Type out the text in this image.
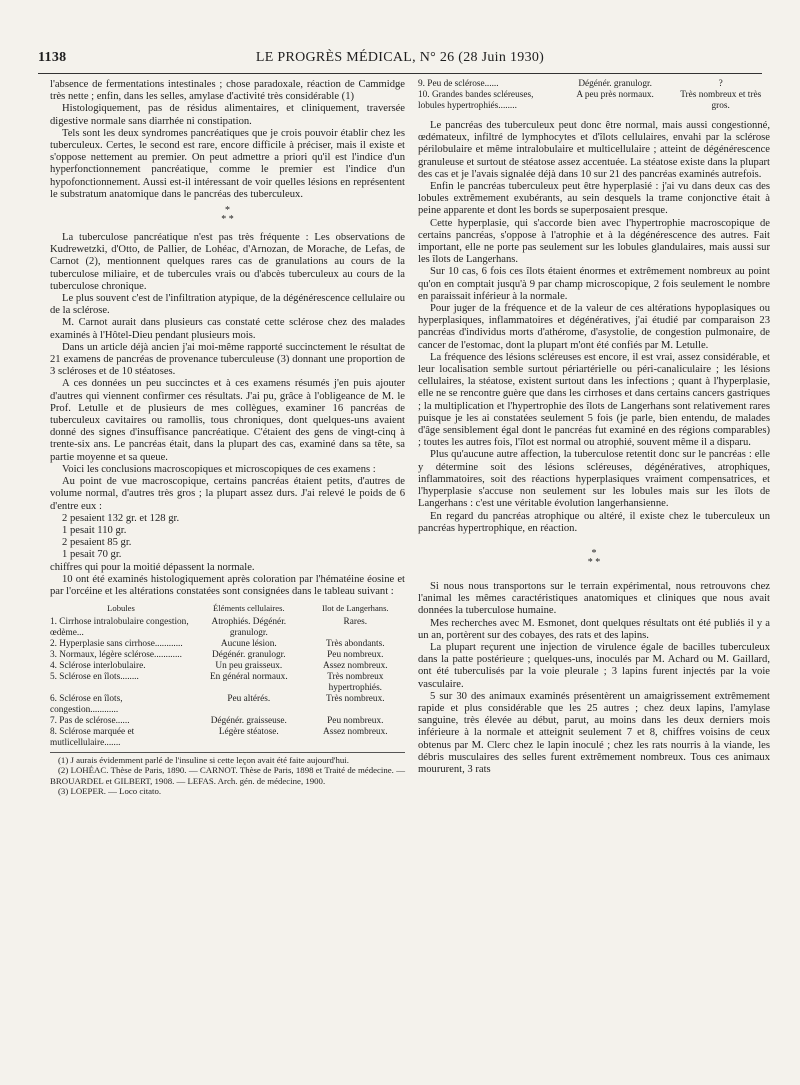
1138	LE PROGRÈS MÉDICAL, N° 26 (28 Juin 1930)

l'absence de fermentations intestinales ; chose paradoxale, réaction de Cammidge très nette ; enfin, dans les selles, amylase d'activité très considérable (1)

Histologiquement, pas de résidus alimentaires, et cliniquement, traversée digestive normale sans diarrhée ni constipation.

Tels sont les deux syndromes pancréatiques que je crois pouvoir établir chez les tuberculeux. Certes, le second est rare, encore difficile à préciser, mais il existe et s'oppose nettement au premier. On peut admettre a priori qu'il est l'indice d'un hyperfonctionnement pancréatique, comme le premier est l'indice d'un hypofonctionnement. Aussi est-il intéressant de voir quelles lésions en représentent le substratum anatomique dans le pancréas des tuberculeux.

*
* *

La tuberculose pancréatique n'est pas très fréquente : Les observations de Kudrewetzki, d'Otto, de Pallier, de Lohéac, d'Arnozan, de Morache, de Lefas, de Carnot (2), mentionnent quelques rares cas de granulations au cours de la tuberculose miliaire, et de tubercules vrais ou d'abcès tuberculeux au cours de la tuberculose chronique.

Le plus souvent c'est de l'infiltration atypique, de la dégénérescence cellulaire ou de la sclérose.

M. Carnot aurait dans plusieurs cas constaté cette sclérose chez des malades examinés à l'Hôtel-Dieu pendant plusieurs mois.

Dans un article déjà ancien j'ai moi-même rapporté succinctement le résultat de 21 examens de pancréas de provenance tuberculeuse (3) donnant une proportion de 3 scléroses et de 10 stéatoses.

A ces données un peu succinctes et à ces examens résumés j'en puis ajouter d'autres qui viennent confirmer ces résultats. J'ai pu, grâce à l'obligeance de M. le Prof. Letulle et de plusieurs de mes collègues, examiner 16 pancréas de tuberculeux cavitaires ou ramollis, tous chroniques, dont quelques-uns avaient donné des signes d'insuffisance pancréatique. C'étaient des gens de vingt-cinq à trente-six ans. Le pancréas était, dans la plupart des cas, examiné dans sa tête, sa partie moyenne et sa queue.

Voici les conclusions macroscopiques et microscopiques de ces examens :

Au point de vue macroscopique, certains pancréas étaient petits, d'autres de volume normal, d'autres très gros ; la plupart assez durs. J'ai relevé le poids de 6 d'entre eux :

2 pesaient 132 gr. et 128 gr.

1 pesait 110 gr.

2 pesaient 85 gr.

1 pesait 70 gr.

chiffres qui pour la moitié dépassent la normale.

10 ont été examinés histologiquement après coloration par l'hématéine éosine et par l'orcéine et les altérations constatées sont consignées dans le tableau suivant :

Lobules	Éléments cellulaires.	Ilot de Langerhans.
1. Cirrhose intralobulaire congestion, œdème...	Atrophiés. Dégénér. granulogr.	Rares.
2. Hyperplasie sans cirrhose............	Aucune lésion.	Très abondants.
3. Normaux, légère sclérose............	Dégénér. granulogr.	Peu nombreux.
4. Sclérose interlobulaire.	Un peu graisseux.	Assez nombreux.
5. Sclérose en îlots........	En général normaux.	Très nombreux hypertrophiés.
6. Sclérose en îlots, congestion............	Peu altérés.	Très nombreux.
7. Pas de sclérose......	Dégénér. graisseuse.	Peu nombreux.
8. Sclérose marquée et mutlicellulaire.......	Légère stéatose.	Assez nombreux.
(1) J aurais évidemment parlé de l'insuline si cette leçon avait été faite aujourd'hui.
(2) LOHÉAC. Thèse de Paris, 1890. — CARNOT. Thèse de Paris, 1898 et Traité de médecine. — BROUARDEL et GILBERT, 1908. — LEFAS. Arch. gén. de médecine, 1900.
(3) LOEPER. — Loco citato.
9. Peu de sclérose......	Dégénér. granulogr.	?
10. Grandes bandes scléreuses, lobules hypertrophiés........	A peu près normaux.	Très nombreux et très gros.

Le pancréas des tuberculeux peut donc être normal, mais aussi congestionné, œdémateux, infiltré de lymphocytes et d'îlots cellulaires, envahi par la sclérose périlobulaire et même intralobulaire et multicellulaire ; atteint de dégénérescence granuleuse et surtout de stéatose assez accentuée. La stéatose existe dans la plupart des cas et je l'avais signalée déjà dans 10 sur 21 des pancréas examinés autrefois.

Enfin le pancréas tuberculeux peut être hyperplasié : j'ai vu dans deux cas des lobules extrêmement exubérants, au sein desquels la trame conjonctive était à peine apparente et dont les bords se superposaient presque.

Cette hyperplasie, qui s'accorde bien avec l'hypertrophie macroscopique de certains pancréas, s'oppose à l'atrophie et à la dégénérescence des autres. Fait important, elle ne porte pas seulement sur les lobules glandulaires, mais aussi sur les îlots de Langerhans.

Sur 10 cas, 6 fois ces îlots étaient énormes et extrêmement nombreux au point qu'on en comptait jusqu'à 9 par champ microscopique, 2 fois seulement le nombre en paraissait inférieur à la normale.

Pour juger de la fréquence et de la valeur de ces altérations hypoplasiques ou hyperplasiques, inflammatoires et dégénératives, j'ai étudié par comparaison 23 pancréas d'individus morts d'athérome, d'asystolie, de congestion pulmonaire, de cancer de l'estomac, dont la plupart m'ont été confiés par M. Letulle.

La fréquence des lésions scléreuses est encore, il est vrai, assez considérable, et leur localisation semble surtout périartérielle ou péri-canaliculaire ; les lésions cellulaires, la stéatose, existent surtout dans les infections ; quant à l'hyperplasie, elle ne se rencontre guère que dans les cirrhoses et dans certains cancers gastriques ; la multiplication et l'hypertrophie des îlots de Langerhans sont relativement rares puisque je les ai constatées seulement 5 fois (je parle, bien entendu, de malades d'âge sensiblement égal dont le pancréas fut examiné en des régions comparables) ; toutes les autres fois, l'îlot est normal ou atrophié, souvent même il a disparu.

Plus qu'aucune autre affection, la tuberculose retentit donc sur le pancréas : elle y détermine soit des lésions scléreuses, dégénératives, atrophiques, inflammatoires, soit des réactions hyperplasiques vraiment compensatrices, et l'hyperplasie s'accuse non seulement sur les lobules mais sur les îlots de Langerhans : c'est une véritable évolution langerhansienne.

En regard du pancréas atrophique ou altéré, il existe chez le tuberculeux un pancréas hypertrophique, en réaction.

*
* *

Si nous nous transportons sur le terrain expérimental, nous retrouvons chez l'animal les mêmes caractéristiques anatomiques et cliniques que nous avait données la tuberculose humaine.

Mes recherches avec M. Esmonet, dont quelques résultats ont été publiés il y a un an, portèrent sur des cobayes, des rats et des lapins.

La plupart reçurent une injection de virulence égale de bacilles tuberculeux dans la patte postérieure ; quelques-uns, inoculés par M. Achard ou M. Gaillard, ont été tuberculisés par la voie pleurale ; 3 lapins furent injectés par la voie vasculaire.

5 sur 30 des animaux examinés présentèrent un amaigrissement extrêmement rapide et plus considérable que les 25 autres ; chez deux lapins, l'amylase sanguine, très élevée au début, parut, au moins dans les deux derniers mois inférieure à la normale et atteignit seulement 7 et 8, chiffres voisins de ceux obtenus par M. Clerc chez le lapin inoculé ; chez les rats nourris à la viande, les débris musculaires des selles furent extrêmement nombreux. Tous ces animaux moururent, 3 rats
